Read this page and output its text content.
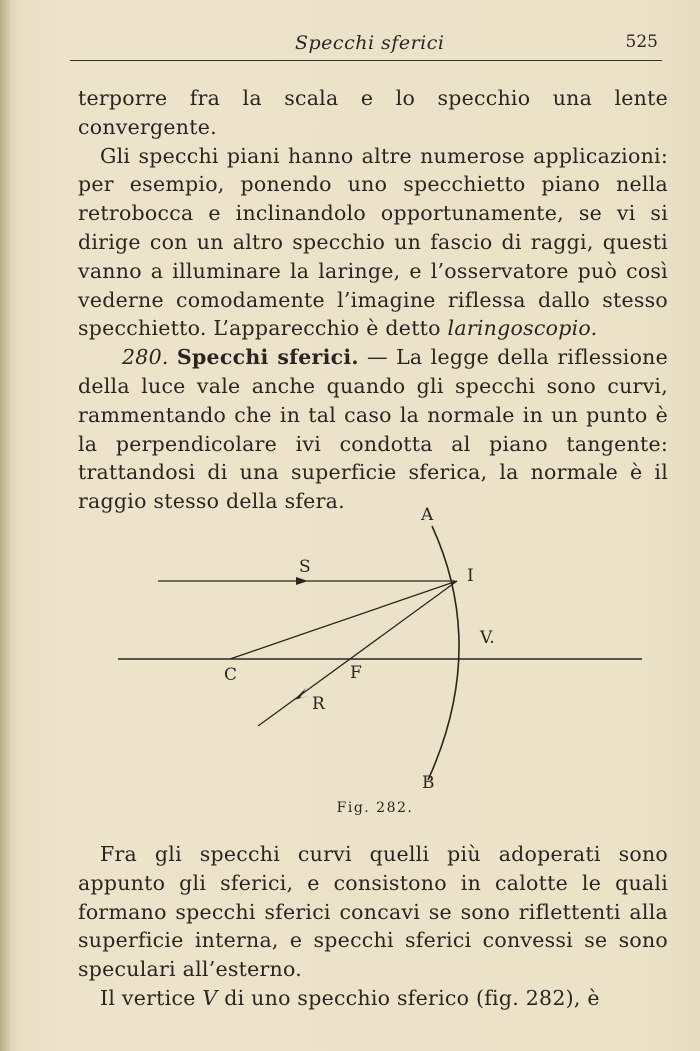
Specchi sferici	525

terporre fra la scala e lo specchio una lente convergente.

Gli specchi piani hanno altre numerose applicazioni: per esempio, ponendo uno specchietto piano nella retrobocca e inclinandolo opportunamente, se vi si dirige con un altro specchio un fascio di raggi, questi vanno a illuminare la laringe, e l’osservatore può così vederne comodamente l’imagine riflessa dallo stesso specchietto. L’apparecchio è detto laringoscopio.

280. Specchi sferici. — La legge della riflessione della luce vale anche quando gli specchi sono curvi, rammentando che in tal caso la normale in un punto è la perpendicolare ivi condotta al piano tangente: trattandosi di una superficie sferica, la normale è il raggio stesso della sfera.

A
B
I
V.
C	F
S
R
Fig. 282.

Fra gli specchi curvi quelli più adoperati sono appunto gli sferici, e consistono in calotte le quali formano specchi sferici concavi se sono riflettenti alla superficie interna, e specchi sferici convessi se sono speculari all’esterno.

Il vertice V di uno specchio sferico (fig. 282), è
